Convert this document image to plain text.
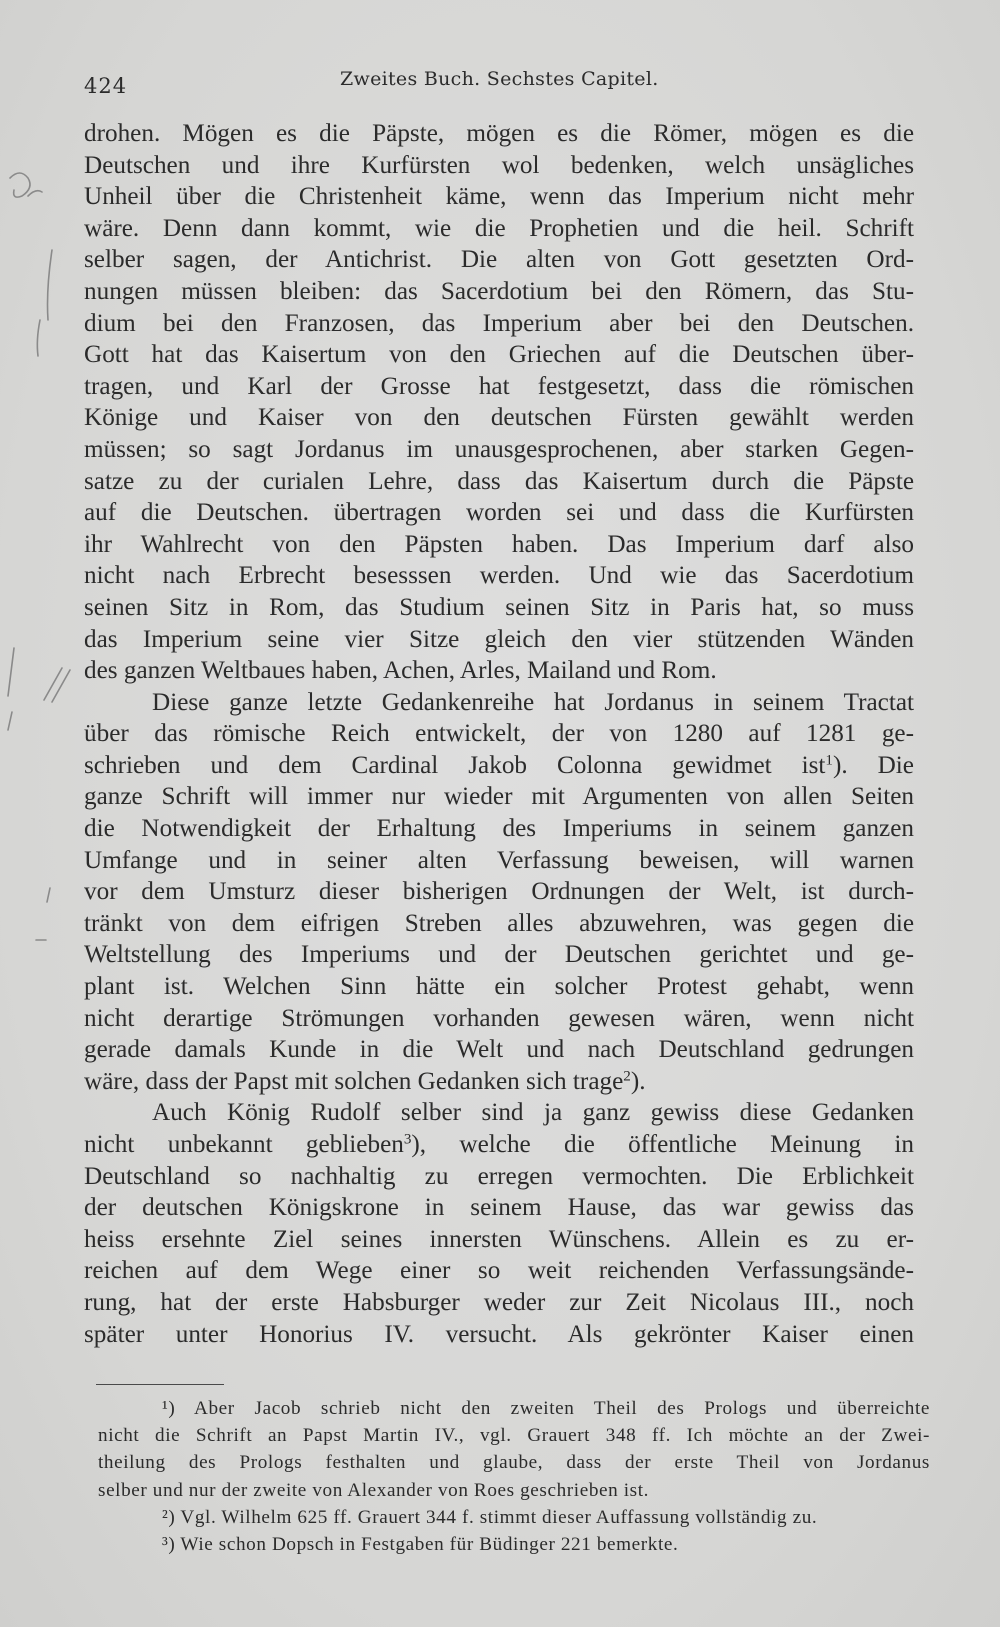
424	Zweites Buch. Sechstes Capitel.
drohen. Mögen es die Päpste, mögen es die Römer, mögen es die
Deutschen und ihre Kurfürsten wol bedenken, welch unsägliches
Unheil über die Christenheit käme, wenn das Imperium nicht mehr
wäre. Denn dann kommt, wie die Prophetien und die heil. Schrift
selber sagen, der Antichrist. Die alten von Gott gesetzten Ord-
nungen müssen bleiben: das Sacerdotium bei den Römern, das Stu-
dium bei den Franzosen, das Imperium aber bei den Deutschen.
Gott hat das Kaisertum von den Griechen auf die Deutschen über-
tragen, und Karl der Grosse hat festgesetzt, dass die römischen
Könige und Kaiser von den deutschen Fürsten gewählt werden
müssen; so sagt Jordanus im unausgesprochenen, aber starken Gegen-
satze zu der curialen Lehre, dass das Kaisertum durch die Päpste
auf die Deutschen. übertragen worden sei und dass die Kurfürsten
ihr Wahlrecht von den Päpsten haben. Das Imperium darf also
nicht nach Erbrecht besesssen werden. Und wie das Sacerdotium
seinen Sitz in Rom, das Studium seinen Sitz in Paris hat, so muss
das Imperium seine vier Sitze gleich den vier stützenden Wänden
des ganzen Weltbaues haben, Achen, Arles, Mailand und Rom.
Diese ganze letzte Gedankenreihe hat Jordanus in seinem Tractat
über das römische Reich entwickelt, der von 1280 auf 1281 ge-
schrieben und dem Cardinal Jakob Colonna gewidmet ist$^1$). Die
ganze Schrift will immer nur wieder mit Argumenten von allen Seiten
die Notwendigkeit der Erhaltung des Imperiums in seinem ganzen
Umfange und in seiner alten Verfassung beweisen, will warnen
vor dem Umsturz dieser bisherigen Ordnungen der Welt, ist durch-
tränkt von dem eifrigen Streben alles abzuwehren, was gegen die
Weltstellung des Imperiums und der Deutschen gerichtet und ge-
plant ist. Welchen Sinn hätte ein solcher Protest gehabt, wenn
nicht derartige Strömungen vorhanden gewesen wären, wenn nicht
gerade damals Kunde in die Welt und nach Deutschland gedrungen
wäre, dass der Papst mit solchen Gedanken sich trage$^2$).
Auch König Rudolf selber sind ja ganz gewiss diese Gedanken
nicht unbekannt geblieben$^3$), welche die öffentliche Meinung in
Deutschland so nachhaltig zu erregen vermochten. Die Erblichkeit
der deutschen Königskrone in seinem Hause, das war gewiss das
heiss ersehnte Ziel seines innersten Wünschens. Allein es zu er-
reichen auf dem Wege einer so weit reichenden Verfassungsände-
rung, hat der erste Habsburger weder zur Zeit Nicolaus III., noch
später unter Honorius IV. versucht. Als gekrönter Kaiser einen
¹) Aber Jacob schrieb nicht den zweiten Theil des Prologs und überreichte
nicht die Schrift an Papst Martin IV., vgl. Grauert 348 ff. Ich möchte an der Zwei-
theilung des Prologs festhalten und glaube, dass der erste Theil von Jordanus
selber und nur der zweite von Alexander von Roes geschrieben ist.
²) Vgl. Wilhelm 625 ff. Grauert 344 f. stimmt dieser Auffassung vollständig zu.
³) Wie schon Dopsch in Festgaben für Büdinger 221 bemerkte.
